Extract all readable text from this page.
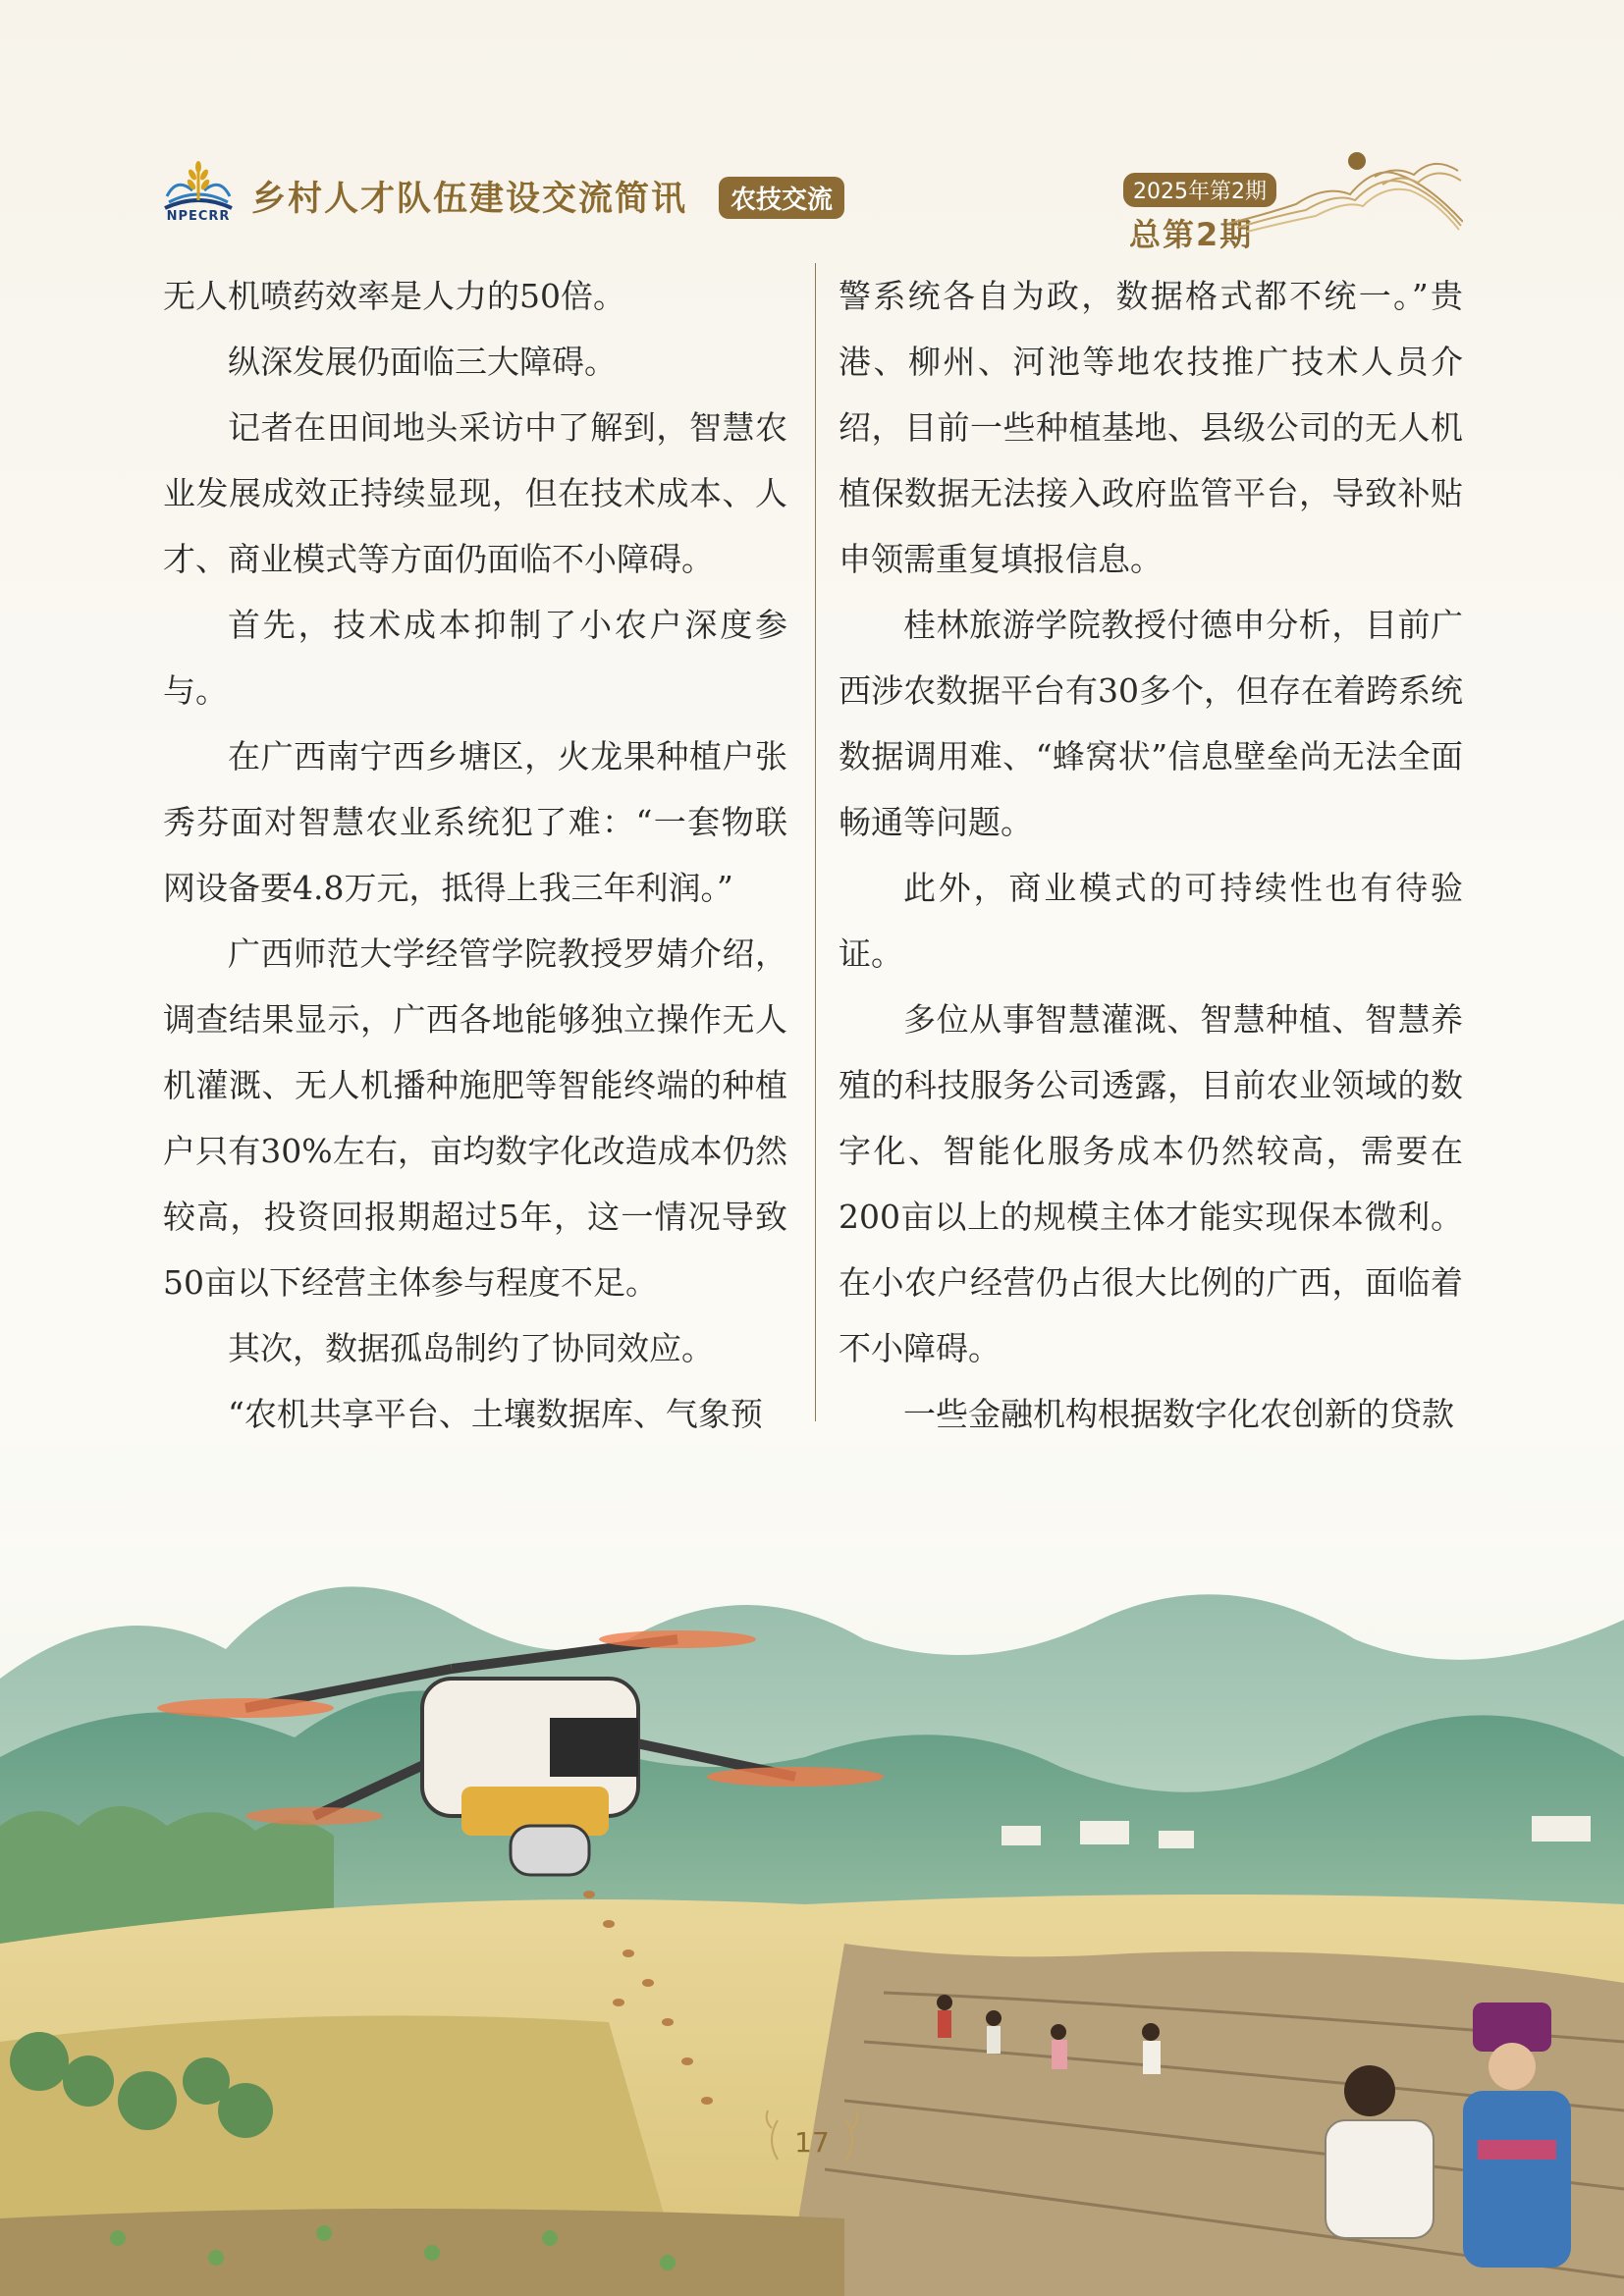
NPECRR 乡村人才队伍建设交流简讯	农技交流	2025年第2期
总第2期

无人机喷药效率是人力的50倍。

纵深发展仍面临三大障碍。

记者在田间地头采访中了解到，智慧农业发展成效正持续显现，但在技术成本、人才、商业模式等方面仍面临不小障碍。

首先，技术成本抑制了小农户深度参与。

在广西南宁西乡塘区，火龙果种植户张秀芬面对智慧农业系统犯了难：“一套物联网设备要4.8万元，抵得上我三年利润。”

广西师范大学经管学院教授罗婧介绍，调查结果显示，广西各地能够独立操作无人机灌溉、无人机播种施肥等智能终端的种植户只有30%左右，亩均数字化改造成本仍然较高，投资回报期超过5年，这一情况导致50亩以下经营主体参与程度不足。

其次，数据孤岛制约了协同效应。

“农机共享平台、土壤数据库、气象预

警系统各自为政，数据格式都不统一。”贵港、柳州、河池等地农技推广技术人员介绍，目前一些种植基地、县级公司的无人机植保数据无法接入政府监管平台，导致补贴申领需重复填报信息。

桂林旅游学院教授付德申分析，目前广西涉农数据平台有30多个，但存在着跨系统数据调用难、“蜂窝状”信息壁垒尚无法全面畅通等问题。

此外，商业模式的可持续性也有待验证。

多位从事智慧灌溉、智慧种植、智慧养殖的科技服务公司透露，目前农业领域的数字化、智能化服务成本仍然较高，需要在200亩以上的规模主体才能实现保本微利。在小农户经营仍占很大比例的广西，面临着不小障碍。

一些金融机构根据数字化农创新的贷款

17
